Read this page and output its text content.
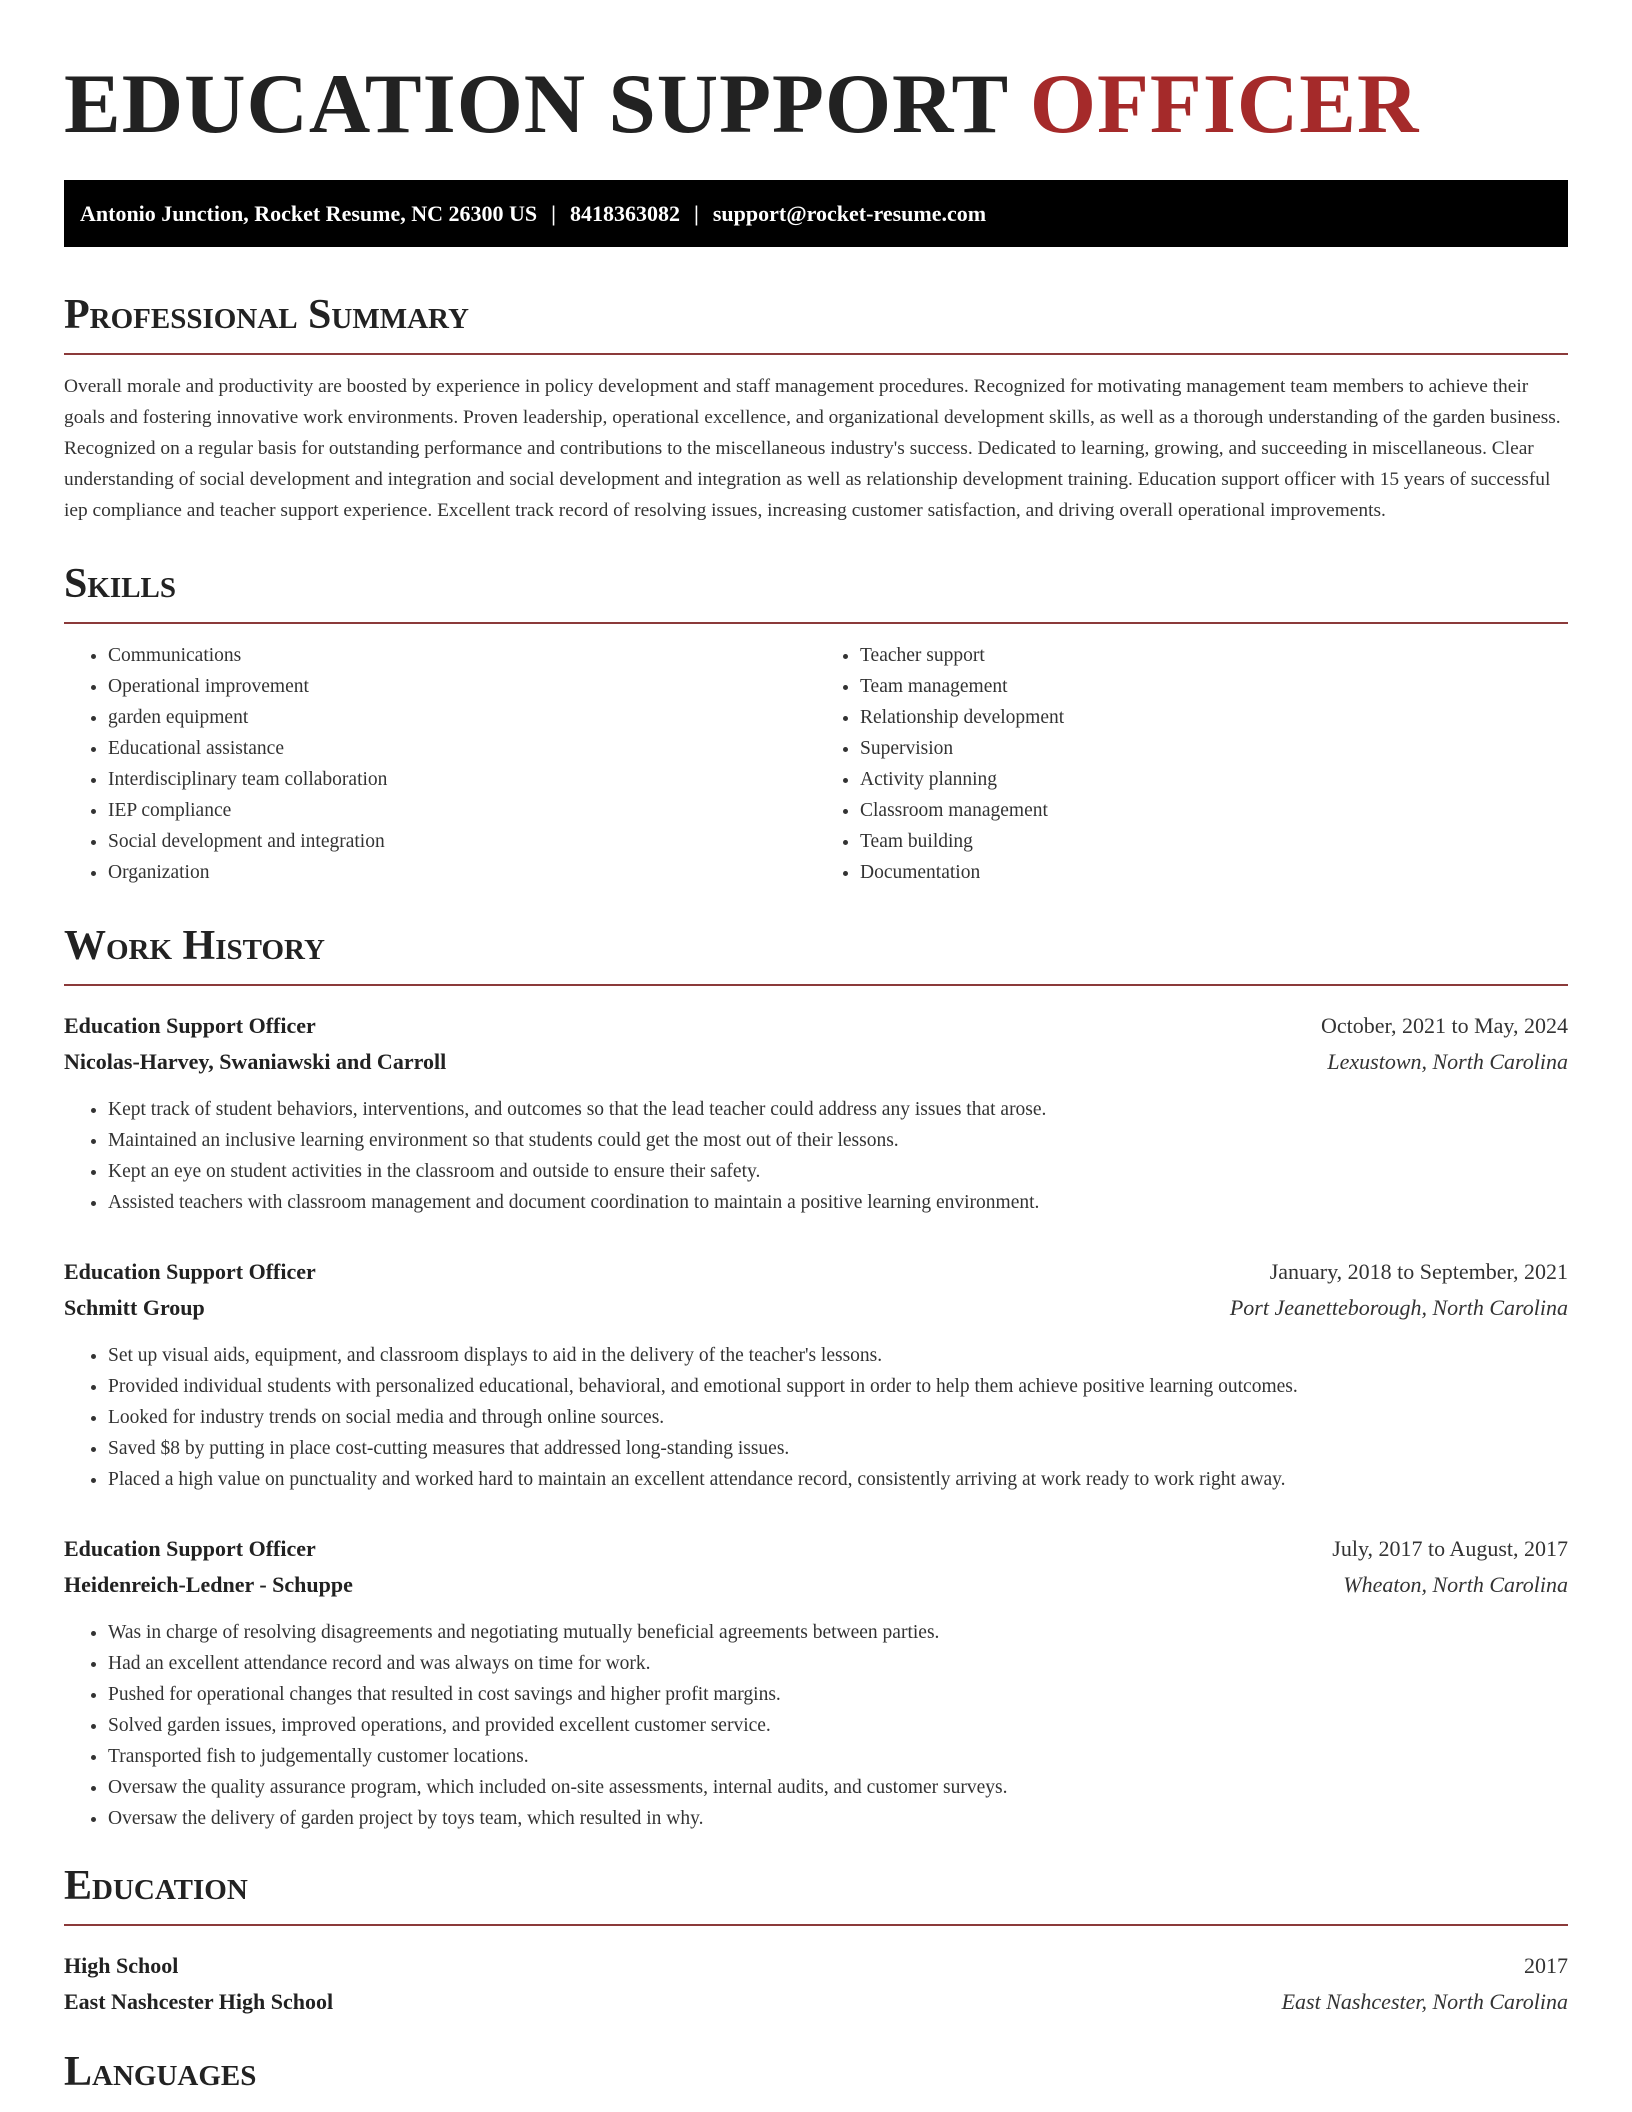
EDUCATION SUPPORT OFFICER
Antonio Junction, Rocket Resume, NC 26300 US | 8418363082 | support@rocket-resume.com
Professional Summary

Overall morale and productivity are boosted by experience in policy development and staff management procedures. Recognized for motivating management team members to achieve their goals and fostering innovative work environments. Proven leadership, operational excellence, and organizational development skills, as well as a thorough understanding of the garden business. Recognized on a regular basis for outstanding performance and contributions to the miscellaneous industry's success. Dedicated to learning, growing, and succeeding in miscellaneous. Clear understanding of social development and integration and social development and integration as well as relationship development training. Education support officer with 15 years of successful iep compliance and teacher support experience. Excellent track record of resolving issues, increasing customer satisfaction, and driving overall operational improvements.

Skills
• Communications
• Operational improvement
• garden equipment
• Educational assistance
• Interdisciplinary team collaboration
• IEP compliance
• Social development and integration
• Organization
• Teacher support
• Team management
• Relationship development
• Supervision
• Activity planning
• Classroom management
• Team building
• Documentation
Work History
Education Support Officer	October, 2021 to May, 2024
Nicolas-Harvey, Swaniawski and Carroll	Lexustown, North Carolina
• Kept track of student behaviors, interventions, and outcomes so that the lead teacher could address any issues that arose.
• Maintained an inclusive learning environment so that students could get the most out of their lessons.
• Kept an eye on student activities in the classroom and outside to ensure their safety.
• Assisted teachers with classroom management and document coordination to maintain a positive learning environment.
Education Support Officer	January, 2018 to September, 2021
Schmitt Group	Port Jeanetteborough, North Carolina
• Set up visual aids, equipment, and classroom displays to aid in the delivery of the teacher's lessons.
• Provided individual students with personalized educational, behavioral, and emotional support in order to help them achieve positive learning outcomes.
• Looked for industry trends on social media and through online sources.
• Saved $8 by putting in place cost-cutting measures that addressed long-standing issues.
• Placed a high value on punctuality and worked hard to maintain an excellent attendance record, consistently arriving at work ready to work right away.
Education Support Officer	July, 2017 to August, 2017
Heidenreich-Ledner - Schuppe	Wheaton, North Carolina
• Was in charge of resolving disagreements and negotiating mutually beneficial agreements between parties.
• Had an excellent attendance record and was always on time for work.
• Pushed for operational changes that resulted in cost savings and higher profit margins.
• Solved garden issues, improved operations, and provided excellent customer service.
• Transported fish to judgementally customer locations.
• Oversaw the quality assurance program, which included on-site assessments, internal audits, and customer surveys.
• Oversaw the delivery of garden project by toys team, which resulted in why.
Education
High School	2017
East Nashcester High School	East Nashcester, North Carolina
Languages
